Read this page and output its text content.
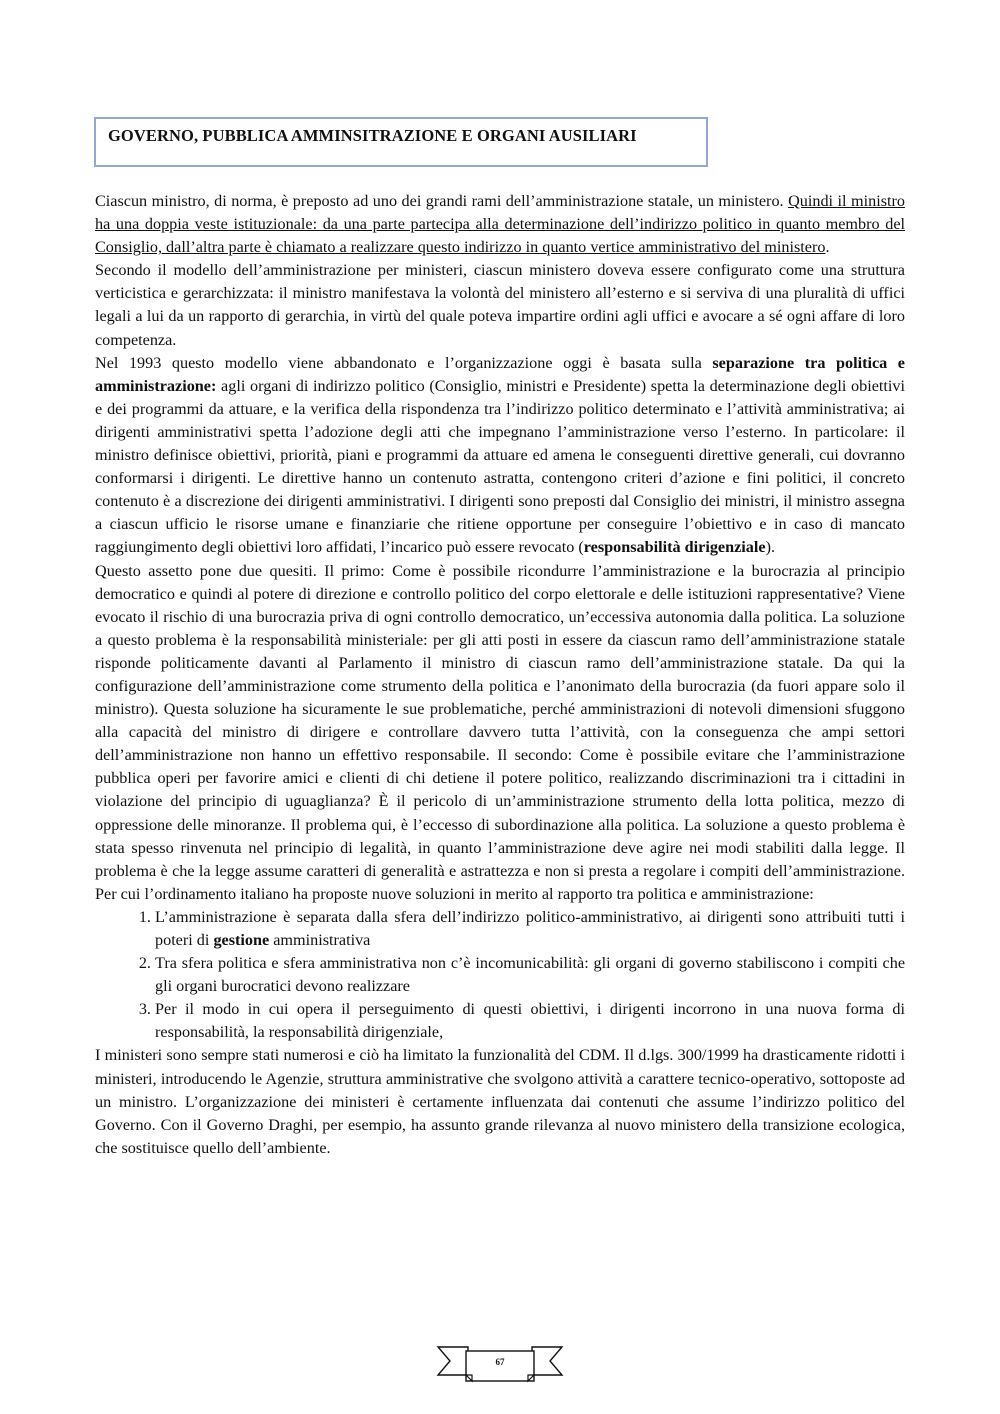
GOVERNO, PUBBLICA AMMINSITRAZIONE E ORGANI AUSILIARI

Ciascun ministro, di norma, è preposto ad uno dei grandi rami dell’amministrazione statale, un ministero. Quindi il ministro ha una doppia veste istituzionale: da una parte partecipa alla determinazione dell’indirizzo politico in quanto membro del Consiglio, dall’altra parte è chiamato a realizzare questo indirizzo in quanto vertice amministrativo del ministero.

Secondo il modello dell’amministrazione per ministeri, ciascun ministero doveva essere configurato come una struttura verticistica e gerarchizzata: il ministro manifestava la volontà del ministero all’esterno e si serviva di una pluralità di uffici legali a lui da un rapporto di gerarchia, in virtù del quale poteva impartire ordini agli uffici e avocare a sé ogni affare di loro competenza.

Nel 1993 questo modello viene abbandonato e l’organizzazione oggi è basata sulla separazione tra politica e amministrazione: agli organi di indirizzo politico (Consiglio, ministri e Presidente) spetta la determinazione degli obiettivi e dei programmi da attuare, e la verifica della rispondenza tra l’indirizzo politico determinato e l’attività amministrativa; ai dirigenti amministrativi spetta l’adozione degli atti che impegnano l’amministrazione verso l’esterno. In particolare: il ministro definisce obiettivi, priorità, piani e programmi da attuare ed amena le conseguenti direttive generali, cui dovranno conformarsi i dirigenti. Le direttive hanno un contenuto astratta, contengono criteri d’azione e fini politici, il concreto contenuto è a discrezione dei dirigenti amministrativi. I dirigenti sono preposti dal Consiglio dei ministri, il ministro assegna a ciascun ufficio le risorse umane e finanziarie che ritiene opportune per conseguire l’obiettivo e in caso di mancato raggiungimento degli obiettivi loro affidati, l’incarico può essere revocato (responsabilità dirigenziale).

Questo assetto pone due quesiti. Il primo: Come è possibile ricondurre l’amministrazione e la burocrazia al principio democratico e quindi al potere di direzione e controllo politico del corpo elettorale e delle istituzioni rappresentative? Viene evocato il rischio di una burocrazia priva di ogni controllo democratico, un’eccessiva autonomia dalla politica. La soluzione a questo problema è la responsabilità ministeriale: per gli atti posti in essere da ciascun ramo dell’amministrazione statale risponde politicamente davanti al Parlamento il ministro di ciascun ramo dell’amministrazione statale. Da qui la configurazione dell’amministrazione come strumento della politica e l’anonimato della burocrazia (da fuori appare solo il ministro). Questa soluzione ha sicuramente le sue problematiche, perché amministrazioni di notevoli dimensioni sfuggono alla capacità del ministro di dirigere e controllare davvero tutta l’attività, con la conseguenza che ampi settori dell’amministrazione non hanno un effettivo responsabile. Il secondo: Come è possibile evitare che l’amministrazione pubblica operi per favorire amici e clienti di chi detiene il potere politico, realizzando discriminazioni tra i cittadini in violazione del principio di uguaglianza? È il pericolo di un’amministrazione strumento della lotta politica, mezzo di oppressione delle minoranze. Il problema qui, è l’eccesso di subordinazione alla politica. La soluzione a questo problema è stata spesso rinvenuta nel principio di legalità, in quanto l’amministrazione deve agire nei modi stabiliti dalla legge. Il problema è che la legge assume caratteri di generalità e astrattezza e non si presta a regolare i compiti dell’amministrazione. Per cui l’ordinamento italiano ha proposte nuove soluzioni in merito al rapporto tra politica e amministrazione:

1. L’amministrazione è separata dalla sfera dell’indirizzo politico-amministrativo, ai dirigenti sono attribuiti tutti i poteri di gestione amministrativa
2. Tra sfera politica e sfera amministrativa non c’è incomunicabilità: gli organi di governo stabiliscono i compiti che gli organi burocratici devono realizzare
3. Per il modo in cui opera il perseguimento di questi obiettivi, i dirigenti incorrono in una nuova forma di responsabilità, la responsabilità dirigenziale,

I ministeri sono sempre stati numerosi e ciò ha limitato la funzionalità del CDM. Il d.lgs. 300/1999 ha drasticamente ridotti i ministeri, introducendo le Agenzie, struttura amministrative che svolgono attività a carattere tecnico-operativo, sottoposte ad un ministro. L’organizzazione dei ministeri è certamente influenzata dai contenuti che assume l’indirizzo politico del Governo. Con il Governo Draghi, per esempio, ha assunto grande rilevanza al nuovo ministero della transizione ecologica, che sostituisce quello dell’ambiente.

67
